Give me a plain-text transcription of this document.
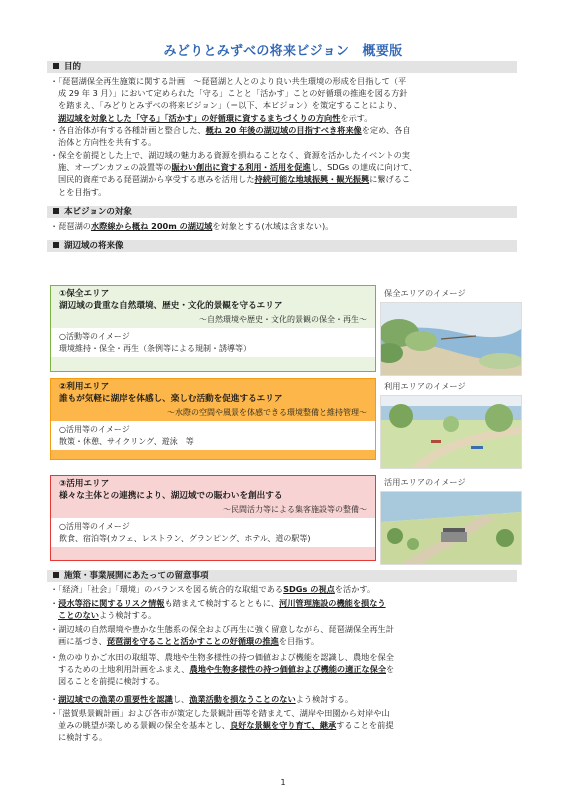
みどりとみずべの将来ビジョン　概要版
目的
・「琵琶湖保全再生施策に関する計画　～琵琶湖と人とのより良い共生環境の形成を目指して（平
成 29 年 3 月）」において定められた「守る」ことと「活かす」ことの好循環の推進を図る方針
を踏まえ、「みどりとみずべの将来ビジョン」（＝以下、本ビジョン）を策定することにより、
湖辺域を対象とした「守る」「活かす」の好循環に資するまちづくりの方向性を示す。
・各自治体が有する各種計画と整合した、概ね 20 年後の湖辺域の目指すべき将来像を定め、各自
治体と方向性を共有する。
・保全を前提とした上で、湖辺域の魅力ある資源を損ねることなく、資源を活かしたイベントの実
施、オープンカフェの設置等の賑わい創出に資する利用・活用を促進し、SDGs の達成に向けて、
国民的資産である琵琶湖から享受する恵みを活用した持続可能な地域振興・観光振興に繋げるこ
とを目指す。
本ビジョンの対象
・琵琶湖の水際線から概ね 200m の湖辺域を対象とする(水域は含まない)。
湖辺域の将来像
①保全エリア
湖辺域の貴重な自然環境、歴史・文化的景観を守るエリア
～自然環境や歴史・文化的景観の保全・再生～
○活動等のイメージ
環境維持・保全・再生（条例等による規制・誘導等）
保全エリアのイメージ
②利用エリア
誰もが気軽に湖岸を体感し、楽しむ活動を促進するエリア
～水際の空間や風景を体感できる環境整備と維持管理～
○活用等のイメージ
散策・休憩、サイクリング、遊泳　等
利用エリアのイメージ
③活用エリア
様々な主体との連携により、湖辺域での賑わいを創出する
～民間活力等による集客施設等の整備～
○活用等のイメージ
飲食、宿泊等(カフェ、レストラン、グランピング、ホテル、道の駅等)
活用エリアのイメージ
施策・事業展開にあたっての留意事項
・「経済」「社会」「環境」のバランスを図る統合的な取組であるSDGs の視点を活かす。
・浸水等浴に関するリスク情報も踏まえて検討するとともに、河川管理施設の機能を損なう
ことのないよう検討する。
・湖辺域の自然環境や豊かな生態系の保全および再生に強く留意しながら、琵琶湖保全再生計
画に基づき、琵琶湖を守ることと活かすことの好循環の推進を目指す。
・魚のゆりかご水田の取組等、農地や生物多様性の持つ価値および機能を認識し、農地を保全
するための土地利用計画をふまえ、農地や生物多様性の持つ価値および機能の適正な保全を
図ることを前提に検討する。
・湖辺域での漁業の重要性を認識し、漁業活動を損なうことのないよう検討する。
・「滋賀県景観計画」および各市が策定した景観計画等を踏まえて、湖岸や田園から対岸や山
並みの眺望が楽しめる景観の保全を基本とし、良好な景観を守り育て、継承することを前提
に検討する。
1
